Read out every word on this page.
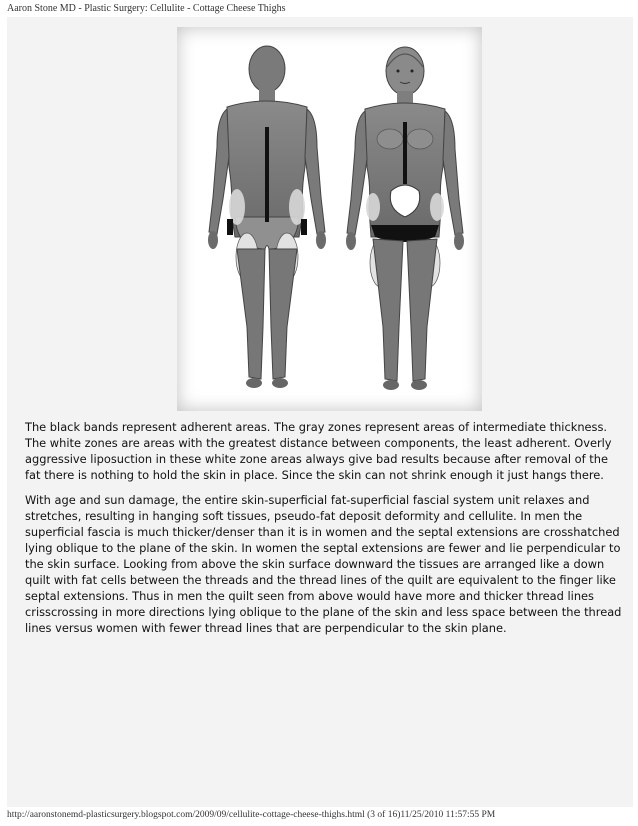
Aaron Stone MD - Plastic Surgery: Cellulite - Cottage Cheese Thighs

The black bands represent adherent areas. The gray zones represent areas of intermediate thickness. The white zones are areas with the greatest distance between components, the least adherent. Overly aggressive liposuction in these white zone areas always give bad results because after removal of the fat there is nothing to hold the skin in place. Since the skin can not shrink enough it just hangs there.

With age and sun damage, the entire skin-superficial fat-superficial fascial system unit relaxes and stretches, resulting in hanging soft tissues, pseudo-fat deposit deformity and cellulite. In men the superficial fascia is much thicker/denser than it is in women and the septal extensions are crosshatched lying oblique to the plane of the skin. In women the septal extensions are fewer and lie perpendicular to the skin surface. Looking from above the skin surface downward the tissues are arranged like a down quilt with fat cells between the threads and the thread lines of the quilt are equivalent to the finger like septal extensions. Thus in men the quilt seen from above would have more and thicker thread lines crisscrossing in more directions lying oblique to the plane of the skin and less space between the thread lines versus women with fewer thread lines that are perpendicular to the skin plane.

http://aaronstonemd-plasticsurgery.blogspot.com/2009/09/cellulite-cottage-cheese-thighs.html (3 of 16)11/25/2010 11:57:55 PM
